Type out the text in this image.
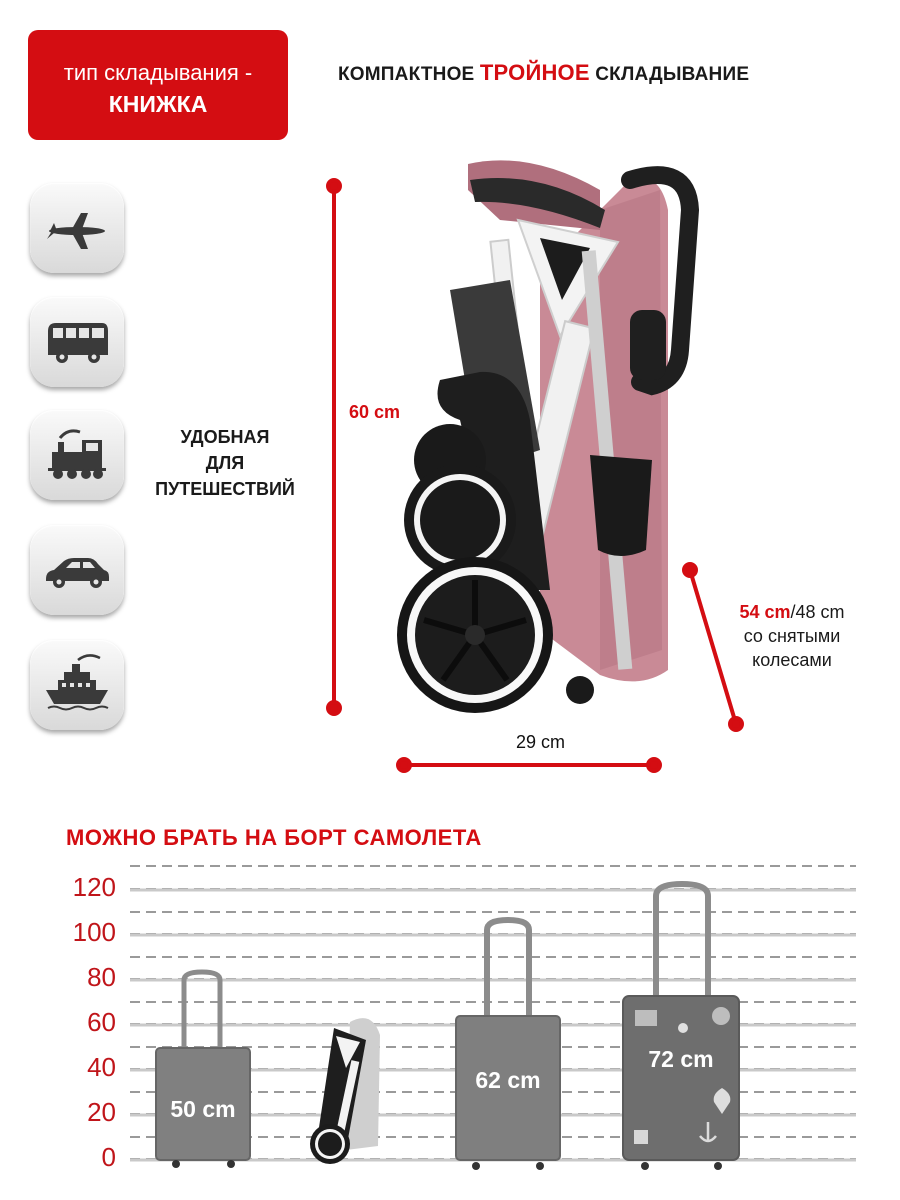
тип складывания -
КНИЖКА
КОМПАКТНОЕ ТРОЙНОЕ СКЛАДЫВАНИЕ
УДОБНАЯ
ДЛЯ
ПУТЕШЕСТВИЙ
60 cm
29 cm
54 cm/48 cm
со снятыми
колесами
МОЖНО БРАТЬ НА БОРТ САМОЛЕТА
120
100
80
60
40
20
0
50 cm
62 cm
72 cm
